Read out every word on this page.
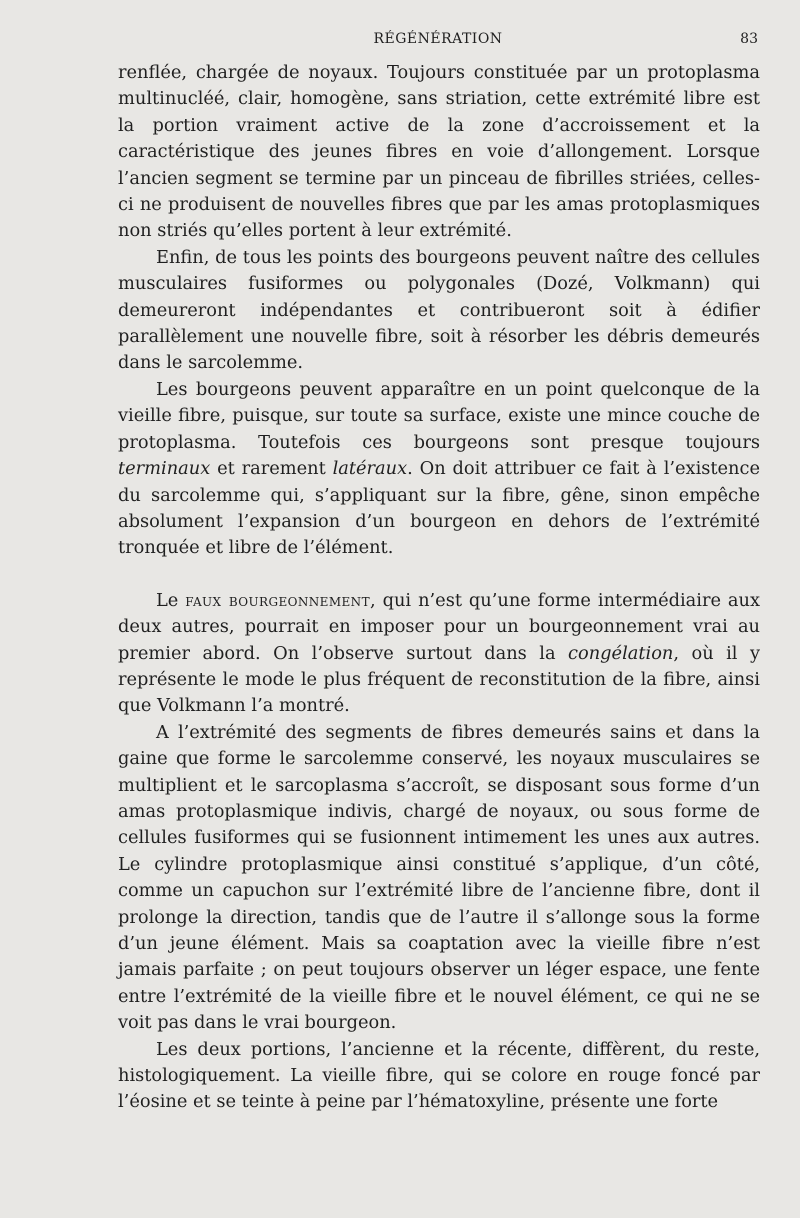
RÉGÉNÉRATION	83

renflée, chargée de noyaux. Toujours constituée par un protoplasma multinucléé, clair, homogène, sans striation, cette extrémité libre est la portion vraiment active de la zone d’accroissement et la caractéristique des jeunes fibres en voie d’allongement. Lorsque l’ancien segment se termine par un pinceau de fibrilles striées, celles-ci ne produisent de nouvelles fibres que par les amas protoplasmiques non striés qu’elles portent à leur extrémité.

Enfin, de tous les points des bourgeons peuvent naître des cellules musculaires fusiformes ou polygonales (Dozé, Volkmann) qui demeureront indépendantes et contribueront soit à édifier parallèlement une nouvelle fibre, soit à résorber les débris demeurés dans le sarcolemme.

Les bourgeons peuvent apparaître en un point quelconque de la vieille fibre, puisque, sur toute sa surface, existe une mince couche de protoplasma. Toutefois ces bourgeons sont presque toujours terminaux et rarement latéraux. On doit attribuer ce fait à l’existence du sarcolemme qui, s’appliquant sur la fibre, gêne, sinon empêche absolument l’expansion d’un bourgeon en dehors de l’extrémité tronquée et libre de l’élément.

Le faux bourgeonnement, qui n’est qu’une forme intermédiaire aux deux autres, pourrait en imposer pour un bourgeonnement vrai au premier abord. On l’observe surtout dans la congélation, où il y représente le mode le plus fréquent de reconstitution de la fibre, ainsi que Volkmann l’a montré.

A l’extrémité des segments de fibres demeurés sains et dans la gaine que forme le sarcolemme conservé, les noyaux musculaires se multiplient et le sarcoplasma s’accroît, se disposant sous forme d’un amas protoplasmique indivis, chargé de noyaux, ou sous forme de cellules fusiformes qui se fusionnent intimement les unes aux autres. Le cylindre protoplasmique ainsi constitué s’applique, d’un côté, comme un capuchon sur l’extrémité libre de l’ancienne fibre, dont il prolonge la direction, tandis que de l’autre il s’allonge sous la forme d’un jeune élément. Mais sa coaptation avec la vieille fibre n’est jamais parfaite ; on peut toujours observer un léger espace, une fente entre l’extrémité de la vieille fibre et le nouvel élément, ce qui ne se voit pas dans le vrai bourgeon.

Les deux portions, l’ancienne et la récente, diffèrent, du reste, histologiquement. La vieille fibre, qui se colore en rouge foncé par l’éosine et se teinte à peine par l’hématoxyline, présente une forte
